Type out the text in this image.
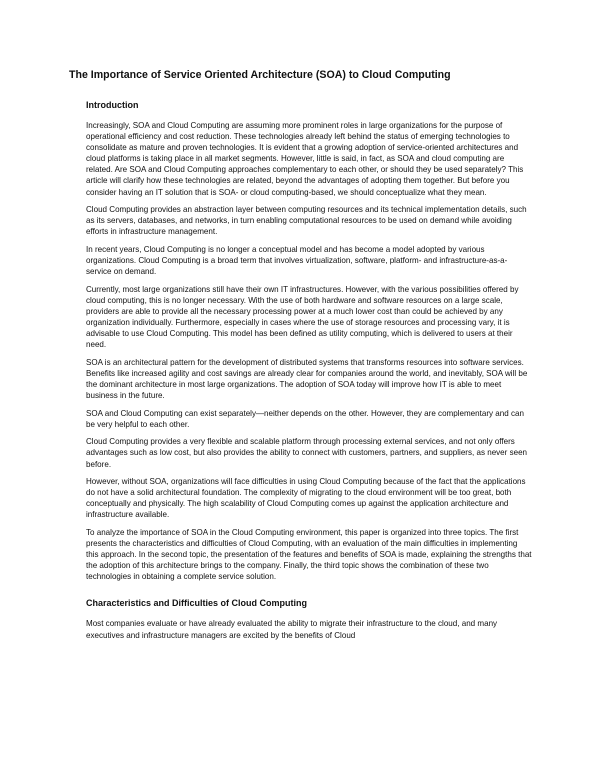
The Importance of Service Oriented Architecture (SOA) to Cloud Computing
Introduction

Increasingly, SOA and Cloud Computing are assuming more prominent roles in large organizations for the purpose of operational efficiency and cost reduction. These technologies already left behind the status of emerging technologies to consolidate as mature and proven technologies. It is evident that a growing adoption of service-oriented architectures and cloud platforms is taking place in all market segments. However, little is said, in fact, as SOA and cloud computing are related. Are SOA and Cloud Computing approaches complementary to each other, or should they be used separately? This article will clarify how these technologies are related, beyond the advantages of adopting them together. But before you consider having an IT solution that is SOA- or cloud computing-based, we should conceptualize what they mean.

Cloud Computing provides an abstraction layer between computing resources and its technical implementation details, such as its servers, databases, and networks, in turn enabling computational resources to be used on demand while avoiding efforts in infrastructure management.

In recent years, Cloud Computing is no longer a conceptual model and has become a model adopted by various organizations. Cloud Computing is a broad term that involves virtualization, software, platform- and infrastructure-as-a-service on demand.

Currently, most large organizations still have their own IT infrastructures. However, with the various possibilities offered by cloud computing, this is no longer necessary. With the use of both hardware and software resources on a large scale, providers are able to provide all the necessary processing power at a much lower cost than could be achieved by any organization individually. Furthermore, especially in cases where the use of storage resources and processing vary, it is advisable to use Cloud Computing. This model has been defined as utility computing, which is delivered to users at their need.

SOA is an architectural pattern for the development of distributed systems that transforms resources into software services. Benefits like increased agility and cost savings are already clear for companies around the world, and inevitably, SOA will be the dominant architecture in most large organizations. The adoption of SOA today will improve how IT is able to meet business in the future.

SOA and Cloud Computing can exist separately—neither depends on the other. However, they are complementary and can be very helpful to each other.

Cloud Computing provides a very flexible and scalable platform through processing external services, and not only offers advantages such as low cost, but also provides the ability to connect with customers, partners, and suppliers, as never seen before.

However, without SOA, organizations will face difficulties in using Cloud Computing because of the fact that the applications do not have a solid architectural foundation. The complexity of migrating to the cloud environment will be too great, both conceptually and physically. The high scalability of Cloud Computing comes up against the application architecture and infrastructure available.

To analyze the importance of SOA in the Cloud Computing environment, this paper is organized into three topics. The first presents the characteristics and difficulties of Cloud Computing, with an evaluation of the main difficulties in implementing this approach. In the second topic, the presentation of the features and benefits of SOA is made, explaining the strengths that the adoption of this architecture brings to the company. Finally, the third topic shows the combination of these two technologies in obtaining a complete service solution.

Characteristics and Difficulties of Cloud Computing

Most companies evaluate or have already evaluated the ability to migrate their infrastructure to the cloud, and many executives and infrastructure managers are excited by the benefits of Cloud
